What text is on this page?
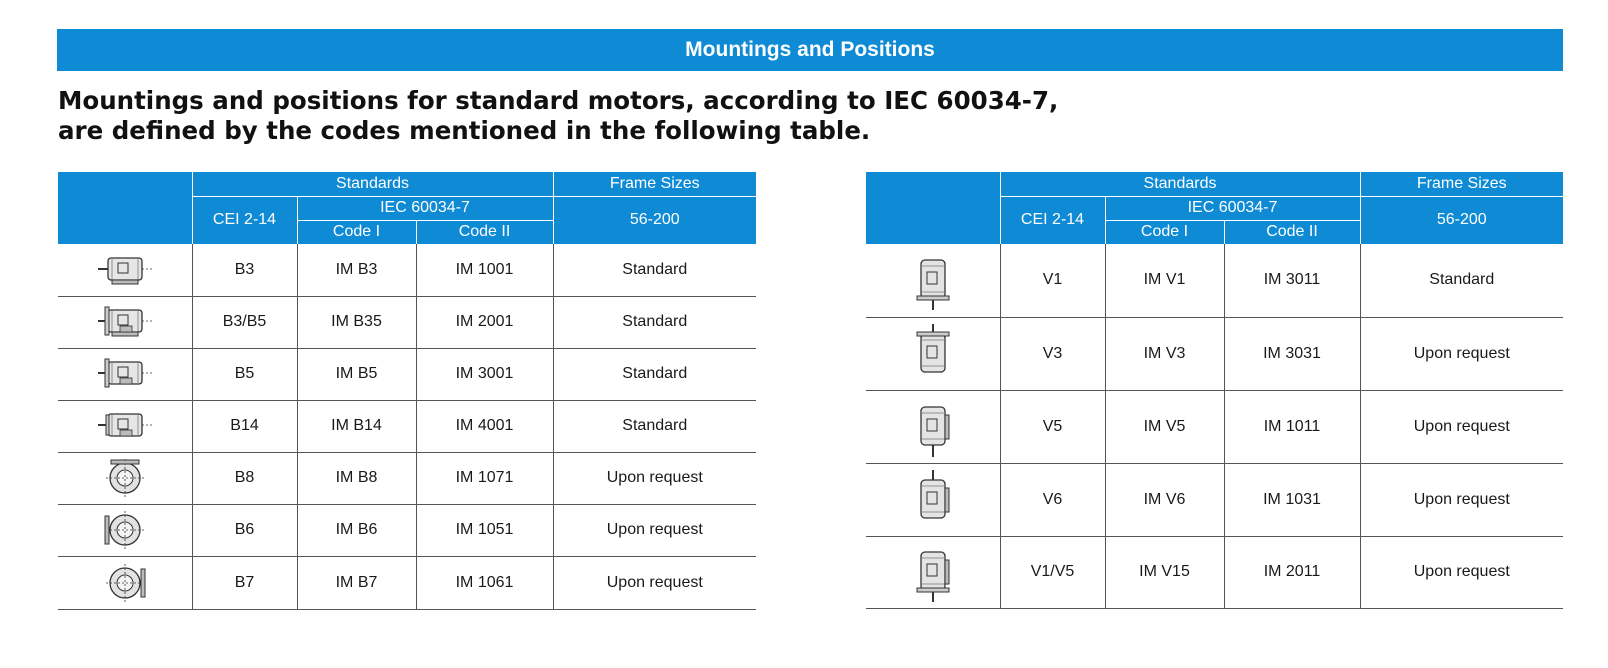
Mountings and Positions
Mountings and positions for standard motors, according to IEC 60034-7,
are defined by the codes mentioned in the following table.
	Standards			Frame Sizes
	CEI 2-14	IEC 60034-7		56-200
		Code I	Code II	

	B3	IM B3	IM 1001	Standard

	B3/B5	IM B35	IM 2001	Standard

	B5	IM B5	IM 3001	Standard

	B14	IM B14	IM 4001	Standard

	B8	IM B8	IM 1071	Upon request

	B6	IM B6	IM 1051	Upon request

	B7	IM B7	IM 1061	Upon request
	Standards			Frame Sizes
	CEI 2-14	IEC 60034-7		56-200
		Code I	Code II	

	V1	IM V1	IM 3011	Standard

	V3	IM V3	IM 3031	Upon request

	V5	IM V5	IM 1011	Upon request

	V6	IM V6	IM 1031	Upon request

	V1/V5	IM V15	IM 2011	Upon request
